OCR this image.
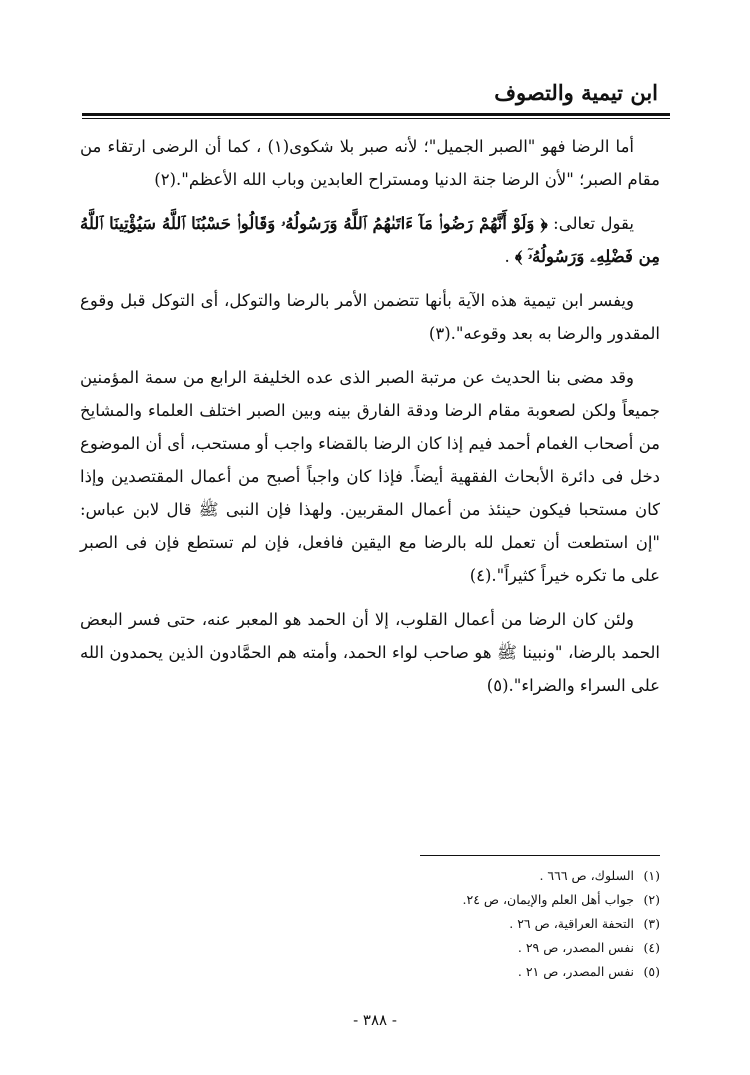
ابن تيمية والتصوف

أما الرضا فهو "الصبر الجميل"؛ لأنه صبر بلا شكوى(١) ، كما أن الرضى ارتقاء من مقام الصبر؛ "لأن الرضا جنة الدنيا ومستراح العابدين وباب الله الأعظم".(٢)

يقول تعالى: ﴿ وَلَوْ أَنَّهُمْ رَضُوا۟ مَآ ءَاتَىٰهُمُ ٱللَّهُ وَرَسُولُهُۥ وَقَالُوا۟ حَسْبُنَا ٱللَّهُ سَيُؤْتِينَا ٱللَّهُ مِن فَضْلِهِۦ وَرَسُولُهُۥٓ ﴾ .

ويفسر ابن تيمية هذه الآية بأنها تتضمن الأمر بالرضا والتوكل، أى التوكل قبل وقوع المقدور والرضا به بعد وقوعه".(٣)

وقد مضى بنا الحديث عن مرتبة الصبر الذى عده الخليفة الرابع من سمة المؤمنين جميعاً ولكن لصعوبة مقام الرضا ودقة الفارق بينه وبين الصبر اختلف العلماء والمشايخ من أصحاب الغمام أحمد فيم إذا كان الرضا بالقضاء واجب أو مستحب، أى أن الموضوع دخل فى دائرة الأبحاث الفقهية أيضاً. فإذا كان واجباً أصبح من أعمال المقتصدين وإذا كان مستحبا فيكون حينئذ من أعمال المقربين. ولهذا فإن النبى ﷺ قال لابن عباس: "إن استطعت أن تعمل لله بالرضا مع اليقين فافعل، فإن لم تستطع فإن فى الصبر على ما تكره خيراً كثيراً".(٤)

ولئن كان الرضا من أعمال القلوب، إلا أن الحمد هو المعبر عنه، حتى فسر البعض الحمد بالرضا، "ونبينا ﷺ هو صاحب لواء الحمد، وأمته هم الحمَّادون الذين يحمدون الله على السراء والضراء".(٥)

(١) السلوك، ص ٦٦٦ .
(٢) جواب أهل العلم والإيمان، ص ٢٤.
(٣) التحفة العراقية، ص ٢٦ .
(٤) نفس المصدر، ص ٢٩ .
(٥) نفس المصدر، ص ٢١ .
- ٣٨٨ -
